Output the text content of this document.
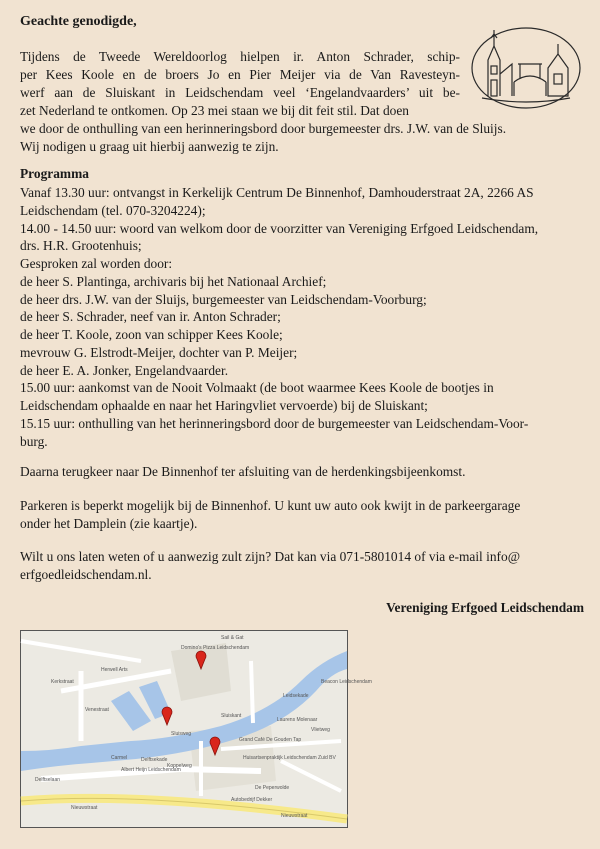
Geachte genodigde,
Tijdens de Tweede Wereldoorlog hielpen ir. Anton Schrader, schip-
per Kees Koole en de broers Jo en Pier Meijer via de Van Ravesteyn-
werf aan de Sluiskant in Leidschendam veel ‘Engelandvaarders’ uit be-
zet Nederland te ontkomen. Op 23 mei staan we bij dit feit stil. Dat doen
we door de onthulling van een herinneringsbord door burgemeester drs. J.W. van de Sluijs.
Wij nodigen u graag uit hierbij aanwezig te zijn.
Programma
Vanaf 13.30 uur: ontvangst in Kerkelijk Centrum De Binnenhof, Damhouderstraat 2A, 2266 AS
Leidschendam (tel. 070-3204224);
14.00 - 14.50 uur: woord van welkom door de voorzitter van Vereniging Erfgoed Leidschendam,
drs. H.R. Grootenhuis;
Gesproken zal worden door:
de heer S. Plantinga, archivaris bij het Nationaal Archief;
de heer drs. J.W. van der Sluijs, burgemeester van Leidschendam-Voorburg;
de heer S. Schrader, neef van ir. Anton Schrader;
de heer T. Koole, zoon van schipper Kees Koole;
mevrouw G. Elstrodt-Meijer, dochter van P. Meijer;
de heer E. A. Jonker, Engelandvaarder.
15.00 uur: aankomst van de Nooit Volmaakt (de boot waarmee Kees Koole de bootjes in
Leidschendam ophaalde en naar het Haringvliet vervoerde) bij de Sluiskant;
15.15 uur: onthulling van het herinneringsbord door de burgemeester van Leidschendam-Voor-
burg.
Daarna terugkeer naar De Binnenhof ter afsluiting van de herdenkingsbijeenkomst.
Parkeren is beperkt mogelijk bij de Binnenhof. U kunt uw auto ook kwijt in de parkeergarage
onder het Damplein (zie kaartje).
Wilt u ons laten weten of u aanwezig zult zijn? Dat kan via 071-5801014 of via e-mail info@
erfgoedleidschendam.nl.
Vereniging Erfgoed Leidschendam
Sail & Gat
Domino's Pizza Leidschendam
Sluiskant
Sluisweg
Delftsekade
Delftselaan
Leidsekade
Vlietweg
Nieuwstraat
Nieuwstraat
Kerkstraat
Venestraat
Koppelweg
Laurens Molenaar
De Peperwolde
Carmel
Albert Heijn Leidschendam
Autobedrijf Dekker
Grand Café De Gouden Tap
Beacon Leidschendam
Huisartsenpraktijk Leidschendam Zuid BV
Herwell Arts
